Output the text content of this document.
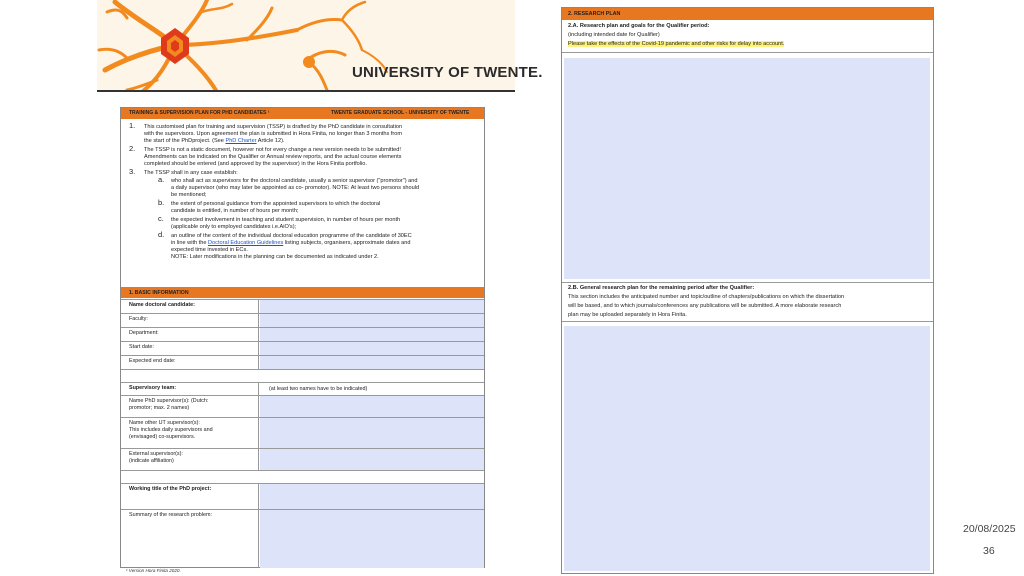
UNIVERSITY OF TWENTE.
TRAINING & SUPERVISION PLAN FOR PHD CANDIDATES ¹	TWENTE GRADUATE SCHOOL - UNIVERSITY OF TWENTE
1. This customised plan for training and supervision (TSSP) is drafted by the PhD candidate in consultation
with the supervisors. Upon agreement the plan is submitted in Hora Finita, no longer than 3 months from
the start of the PhDproject. (See PhD Charter Article 12).
2. The TSSP is not a static document, however not for every change a new version needs to be submitted!
Amendments can be indicated on the Qualifier or Annual review reports, and the actual course elements
completed should be entered (and approved by the supervisor) in the Hora Finita portfolio.
3. The TSSP shall in any case establish:
a. who shall act as supervisors for the doctoral candidate, usually a senior supervisor ("promotor") and
a daily supervisor (who may later be appointed as co- promotor). NOTE: At least two persons should
be mentioned;
b. the extent of personal guidance from the appointed supervisors to which the doctoral
candidate is entitled, in number of hours per month;
c. the expected involvement in teaching and student supervision, in number of hours per month
(applicable only to employed candidates i.e.AiO's);
d. an outline of the content of the individual doctoral education programme of the candidate of 30EC
in line with the Doctoral Education Guidelines listing subjects, organisers, approximate dates and
expected time invested in ECs.
NOTE: Later modifications in the planning can be documented as indicated under 2.
1. BASIC INFORMATION
Name doctoral candidate:
Faculty:
Department:
Start date:
Expected end date:
Supervisory team:	(at least two names have to be indicated)
Name PhD supervisor(s): (Dutch:
promotor; max. 2 names)
Name other UT supervisor(s):
This includes daily supervisors and
(envisaged) co-supervisors.
External supervisor(s):
(indicate affiliation)
Working title of the PhD project:
Summary of the research problem:
¹ Version Hora Finita 2020.
2. RESEARCH PLAN
2.A. Research plan and goals for the Qualifier period:
(including intended date for Qualifier)
Please take the effects of the Covid-19 pandemic and other risks for delay into account.
2.B. General research plan for the remaining period after the Qualifier:
This section includes the anticipated number and topic/outline of chapters/publications on which the dissertation
will be based, and to which journals/conferences any publications will be submitted. A more elaborate research
plan may be uploaded separately in Hora Finita.
20/08/2025
36
